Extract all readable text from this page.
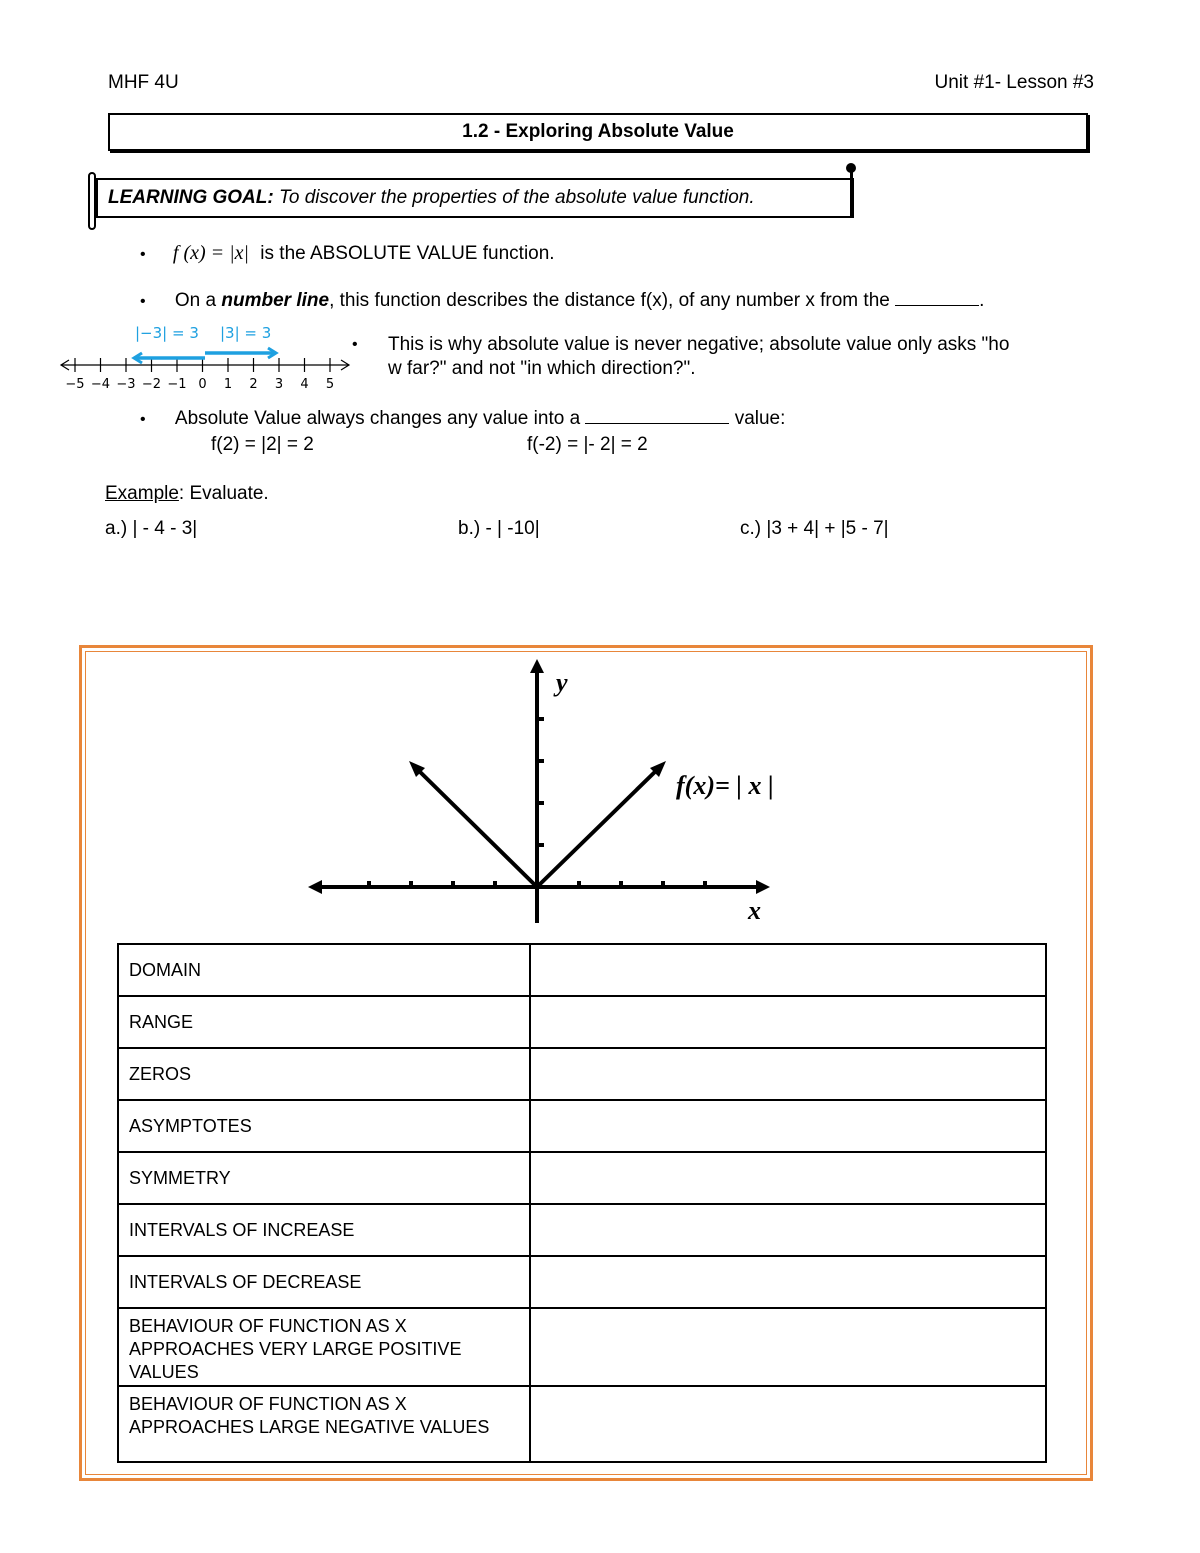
MHF 4U	Unit #1- Lesson #3
1.2 - Exploring Absolute Value
LEARNING GOAL: To discover the properties of the absolute value function.
• f (x) = |x| is the ABSOLUTE VALUE function.
• On a number line, this function describes the distance f(x), of any number x from the	.
|−3| = 3 |3| = 3
−5 −4 −3 −2 −1 0 1 2 3 4 5
• This is why absolute value is never negative; absolute value only asks "ho
w far?" and not "in which direction?".
• Absolute Value always changes any value into a	value:
f(2) = |2| = 2	f(-2) = |- 2| = 2
Example: Evaluate.
a.) | - 4 - 3|	b.) - | -10|	c.) |3 + 4| + |5 - 7|
y
x
f(x)= | x |
DOMAIN	
RANGE	
ZEROS	
ASYMPTOTES	
SYMMETRY	
INTERVALS OF INCREASE	
INTERVALS OF DECREASE	
BEHAVIOUR OF FUNCTION AS X APPROACHES VERY LARGE POSITIVE VALUES	
BEHAVIOUR OF FUNCTION AS X APPROACHES LARGE NEGATIVE VALUES	
